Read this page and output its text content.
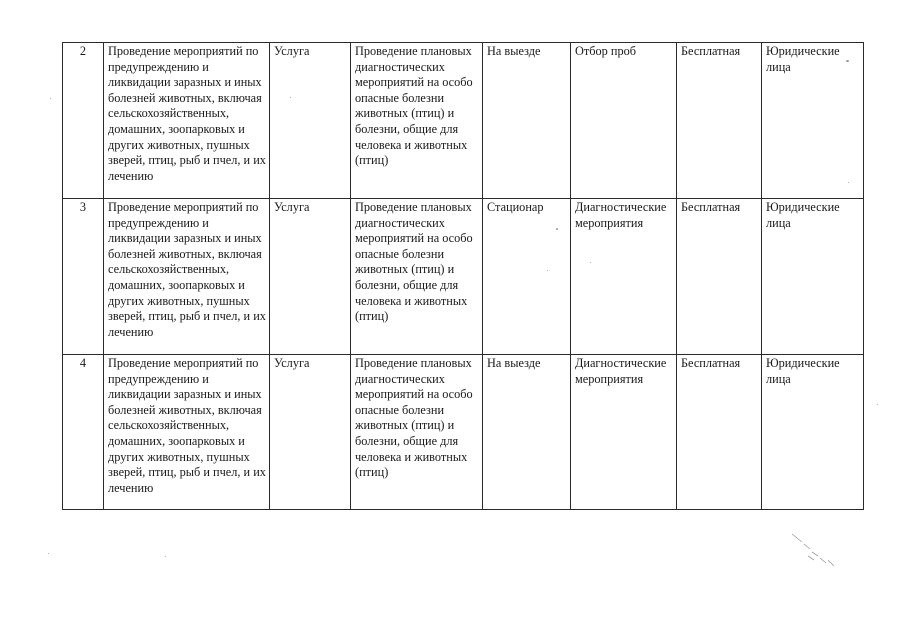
2	Проведение мероприятий по предупреждению и ликвидации заразных и иных болезней животных, включая сельскохозяйственных, домашних, зоопарковых и других животных, пушных зверей, птиц, рыб и пчел, и их лечению	Услуга	Проведение плановых диагностических мероприятий на особо опасные болезни животных (птиц) и болезни, общие для человека и животных (птиц)	На выезде	Отбор проб	Бесплатная	Юридические лица
3	Проведение мероприятий по предупреждению и ликвидации заразных и иных болезней животных, включая сельскохозяйственных, домашних, зоопарковых и других животных, пушных зверей, птиц, рыб и пчел, и их лечению	Услуга	Проведение плановых диагностических мероприятий на особо опасные болезни животных (птиц) и болезни, общие для человека и животных (птиц)	Стационар	Диагностические мероприятия	Бесплатная	Юридические лица
4	Проведение мероприятий по предупреждению и ликвидации заразных и иных болезней животных, включая сельскохозяйственных, домашних, зоопарковых и других животных, пушных зверей, птиц, рыб и пчел, и их лечению	Услуга	Проведение плановых диагностических мероприятий на особо опасные болезни животных (птиц) и болезни, общие для человека и животных (птиц)	На выезде	Диагностические мероприятия	Бесплатная	Юридические лица
